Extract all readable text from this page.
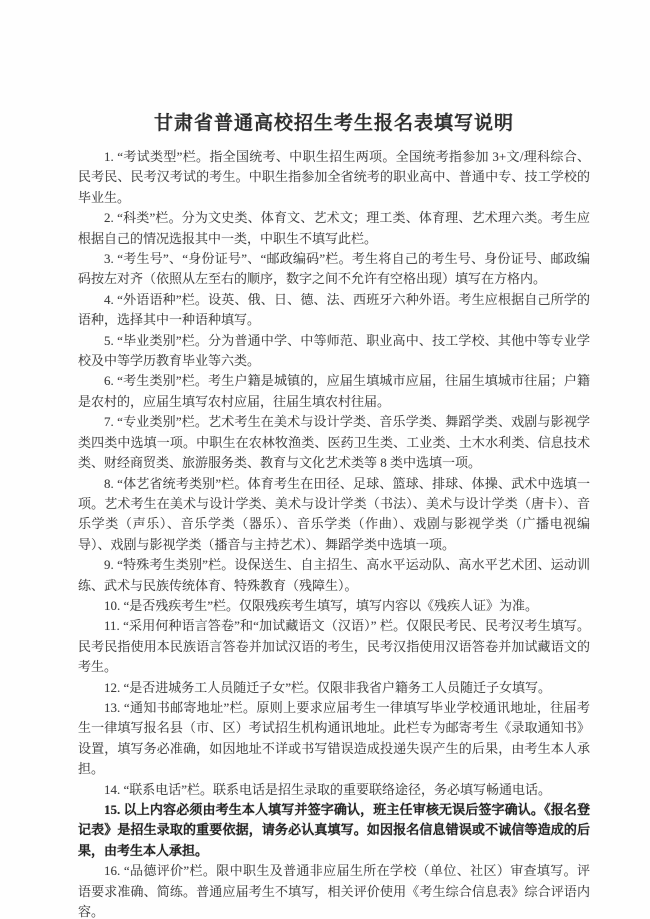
甘肃省普通高校招生考生报名表填写说明

1. “考试类型”栏。指全国统考、中职生招生两项。全国统考指参加 3+文/理科综合、民考民、民考汉考试的考生。中职生指参加全省统考的职业高中、普通中专、技工学校的毕业生。

2. “科类”栏。分为文史类、体育文、艺术文；理工类、体育理、艺术理六类。考生应根据自己的情况选报其中一类，中职生不填写此栏。

3. “考生号”、“身份证号”、“邮政编码”栏。考生将自己的考生号、身份证号、邮政编码按左对齐（依照从左至右的顺序，数字之间不允许有空格出现）填写在方格内。

4. “外语语种”栏。设英、俄、日、德、法、西班牙六种外语。考生应根据自己所学的语种，选择其中一种语种填写。

5. “毕业类别”栏。分为普通中学、中等师范、职业高中、技工学校、其他中等专业学校及中等学历教育毕业等六类。

6. “考生类别”栏。考生户籍是城镇的，应届生填城市应届，往届生填城市往届；户籍是农村的，应届生填写农村应届，往届生填农村往届。

7. “专业类别”栏。艺术考生在美术与设计学类、音乐学类、舞蹈学类、戏剧与影视学类四类中选填一项。中职生在农林牧渔类、医药卫生类、工业类、土木水利类、信息技术类、财经商贸类、旅游服务类、教育与文化艺术类等 8 类中选填一项。

8. “体艺省统考类别”栏。体育考生在田径、足球、篮球、排球、体操、武术中选填一项。艺术考生在美术与设计学类、美术与设计学类（书法）、美术与设计学类（唐卡）、音乐学类（声乐）、音乐学类（器乐）、音乐学类（作曲）、戏剧与影视学类（广播电视编导）、戏剧与影视学类（播音与主持艺术）、舞蹈学类中选填一项。

9. “特殊考生类别”栏。设保送生、自主招生、高水平运动队、高水平艺术团、运动训练、武术与民族传统体育、特殊教育（残障生）。

10. “是否残疾考生”栏。仅限残疾考生填写，填写内容以《残疾人证》为准。

11. “采用何种语言答卷”和“加试藏语文（汉语）” 栏。仅限民考民、民考汉考生填写。民考民指使用本民族语言答卷并加试汉语的考生，民考汉指使用汉语答卷并加试藏语文的考生。

12. “是否进城务工人员随迁子女”栏。仅限非我省户籍务工人员随迁子女填写。

13. “通知书邮寄地址”栏。原则上要求应届考生一律填写毕业学校通讯地址，往届考生一律填写报名县（市、区）考试招生机构通讯地址。此栏专为邮寄考生《录取通知书》设置，填写务必准确，如因地址不详或书写错误造成投递失误产生的后果，由考生本人承担。

14. “联系电话”栏。联系电话是招生录取的重要联络途径，务必填写畅通电话。

15. 以上内容必须由考生本人填写并签字确认，班主任审核无误后签字确认。《报名登记表》是招生录取的重要依据，请务必认真填写。如因报名信息错误或不诚信等造成的后果，由考生本人承担。

16. “品德评价”栏。限中职生及普通非应届生所在学校（单位、社区）审查填写。评语要求准确、简练。普通应届考生不填写，相关评价使用《考生综合信息表》综合评语内容。
